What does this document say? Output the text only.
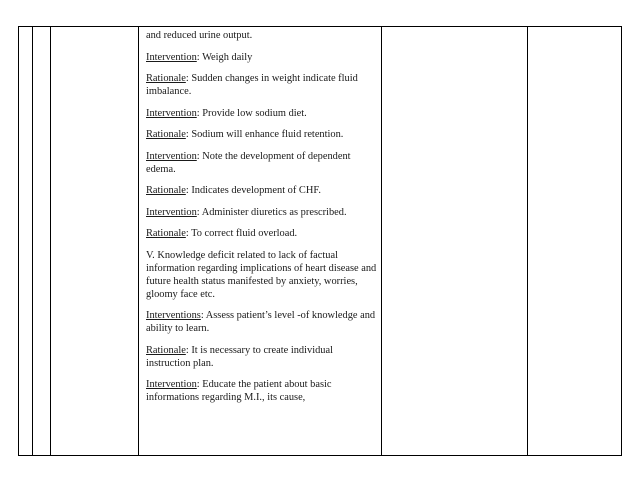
and reduced urine output.

Intervention: Weigh daily

Rationale: Sudden changes in weight indicate fluid imbalance.

Intervention: Provide low sodium diet.

Rationale: Sodium will enhance fluid retention.

Intervention: Note the development of dependent edema.

Rationale: Indicates development of CHF.

Intervention: Administer diuretics as prescribed.

Rationale: To correct fluid overload.

V. Knowledge deficit related to lack of factual information regarding implications of heart disease and future health status manifested by anxiety, worries, gloomy face etc.

Interventions: Assess patient’s level -of knowledge and ability to learn.

Rationale: It is necessary to create individual instruction plan.

Intervention: Educate the patient about basic informations regarding M.I., its cause,
